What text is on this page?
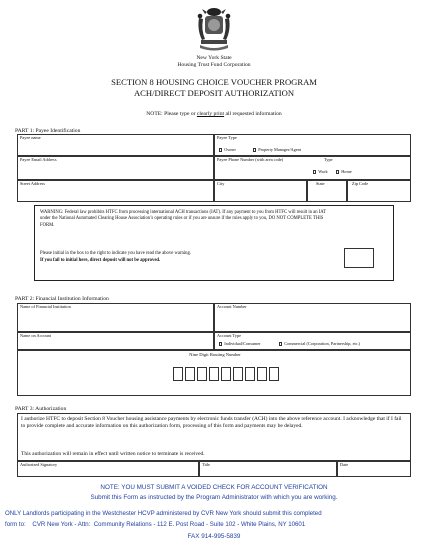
New York State
Housing Trust Fund Corporation
SECTION 8 HOUSING CHOICE VOUCHER PROGRAM
ACH/DIRECT DEPOSIT AUTHORIZATION
NOTE: Please type or clearly print all requested information
PART 1: Payee Identification
Payee name	Payee Type
Owner	Property Manager/Agent
Payee Email Address	Payee Phone Number (with area code)	Type
Work	Home
Street Address	City	State	Zip Code
WARNING: Federal law prohibits HTFC from processing international ACH transactions (IAT). If any payment to you from HTFC will result in an IAT under the National Automated Clearing House Association’s operating rules or if you are unsure if the rules apply to you, DO NOT COMPLETE THIS FORM.
Please initial in the box to the right to indicate you have read the above warning.
If you fail to initial here, direct deposit will not be approved.
PART 2: Financial Institution Information
Name of Financial Institution	Account Number
Name on Account	Account Type
Individual/Consumer	Commercial (Corporation, Partnership, etc.)
Nine Digit Routing Number
PART 3: Authorization
I authorize HTFC to deposit Section 8 Voucher housing assistance payments by electronic funds transfer (ACH) into the above reference account. I acknowledge that if I fail to provide complete and accurate information on this authorization form, processing of this form and payments may be delayed.
This authorization will remain in effect until written notice to terminate is received.
Authorized Signatory	Title	Date
NOTE: YOU MUST SUBMIT A VOIDED CHECK FOR ACCOUNT VERIFICATION
Submit this Form as instructed by the Program Administrator with which you are working.
ONLY Landlords participating in the Westchester HCVP administered by CVR New York should submit this completed
form to:    CVR New York - Attn:  Community Relations - 112 E. Post Road - Suite 102 - White Plains, NY 10601
FAX 914-995-5839
